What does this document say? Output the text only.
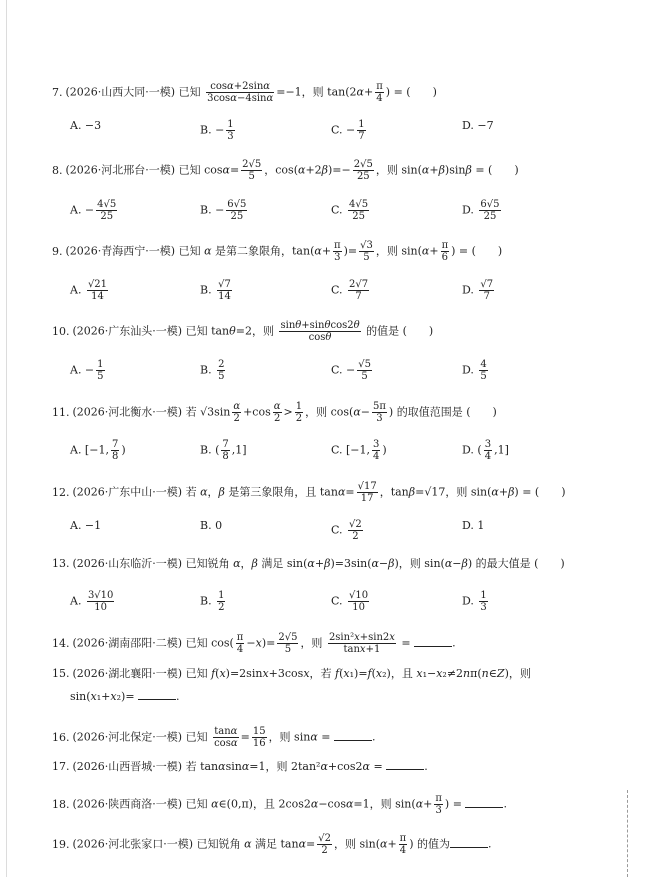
7. (2026·山西大同·一模) 已知 $\frac{\cos\alpha+2\sin\alpha}{3\cos\alpha-4\sin\alpha} =-1$，则 $\tan(2\alpha+ \frac{\pi}{4}$ ) = (　　)
A. −3	B. − $\frac{1}{3}$	C. − $\frac{1}{7}$	D. −7
8. (2026·河北邢台·一模) 已知 $\cos\alpha= \frac{2√5}{5}$ ，$\cos(\alpha+2\beta)=- \frac{2√5}{25}$ ，则 sin(α+β)sinβ = (　　)
A. − $\frac{4√5}{25}$	B. − $\frac{6√5}{25}$	C. $\frac{4√5}{25}$	D. $\frac{6√5}{25}$
9. (2026·青海西宁·一模) 已知 α 是第二象限角，$\tan(\alpha+ \frac{\pi}{3}$ )= $\frac{√3}{5}$ ，则 $\sin(\alpha+ \frac{\pi}{6}$ ) = (　　)
A. $\frac{√21}{14}$	B. $\frac{√7}{14}$	C. $\frac{2√7}{7}$	D. $\frac{√7}{7}$
10. (2026·广东汕头·一模) 已知 tanθ=2，则 $\frac{\sin\theta+\sin\theta\cos 2\theta}{\cos\theta}$ 的值是 (　　)
A. − $\frac{1}{5}$	B. $\frac{2}{5}$	C. − $\frac{√5}{5}$	D. $\frac{4}{5}$
11. (2026·河北衡水·一模) 若 $√3\sin \frac{\alpha}{2} +\cos \frac{\alpha}{2} > \frac{1}{2}$ ，则 $\cos(\alpha- \frac{5\pi}{3}$ ) 的取值范围是 (　　)
A. [−1, $\frac{7}{8}$ )	B. ( $\frac{7}{8} ,1$]	C. [−1, $\frac{3}{4}$ )	D. ( $\frac{3}{4} ,1$]
12. (2026·广东中山·一模) 若 α，β 是第三象限角，且 $\tan\alpha= \frac{√17}{17}$ ，tanβ=√17，则 sin(α+β) = (　　)
A. −1	B. 0	C. $\frac{√2}{2}$	D. 1
13. (2026·山东临沂·一模) 已知锐角 α，β 满足 sin(α+β)=3sin(α−β)，则 sin(α−β) 的最大值是 (　　)
A. $\frac{3√10}{10}$	B. $\frac{1}{2}$	C. $\frac{√10}{10}$	D. $\frac{1}{3}$
14. (2026·湖南邵阳·二模) 已知 $\cos( \frac{\pi}{4} -x)= \frac{2√5}{5}$ ，则 $\frac{\text{2sin²x+sin2x}}{\tan x+1}$ =	.
15. (2026·湖北襄阳·一模) 已知 f(x)=2sinx+3cosx，若 f(x₁)=f(x₂)，且 x₁−x₂≠2nπ(n∈Z)，则
sin(x₁+x₂)=	.
16. (2026·河北保定·一模) 已知 $\frac{\tan\alpha}{\cos\alpha} = \frac{15}{16}$ ，则 sinα =	.
17. (2026·山西晋城·一模) 若 tanαsinα=1，则 2tan²α+cos2α =	.
18. (2026·陕西商洛·一模) 已知 α∈(0,π)，且 2cos2α−cosα=1，则 $\sin(\alpha+ \frac{\pi}{3}$ ) =	.
19. (2026·河北张家口·一模) 已知锐角 α 满足 $\tan\alpha= \frac{√2}{2}$ ，则 $\sin(\alpha+ \frac{\pi}{4}$ ) 的值为	.
